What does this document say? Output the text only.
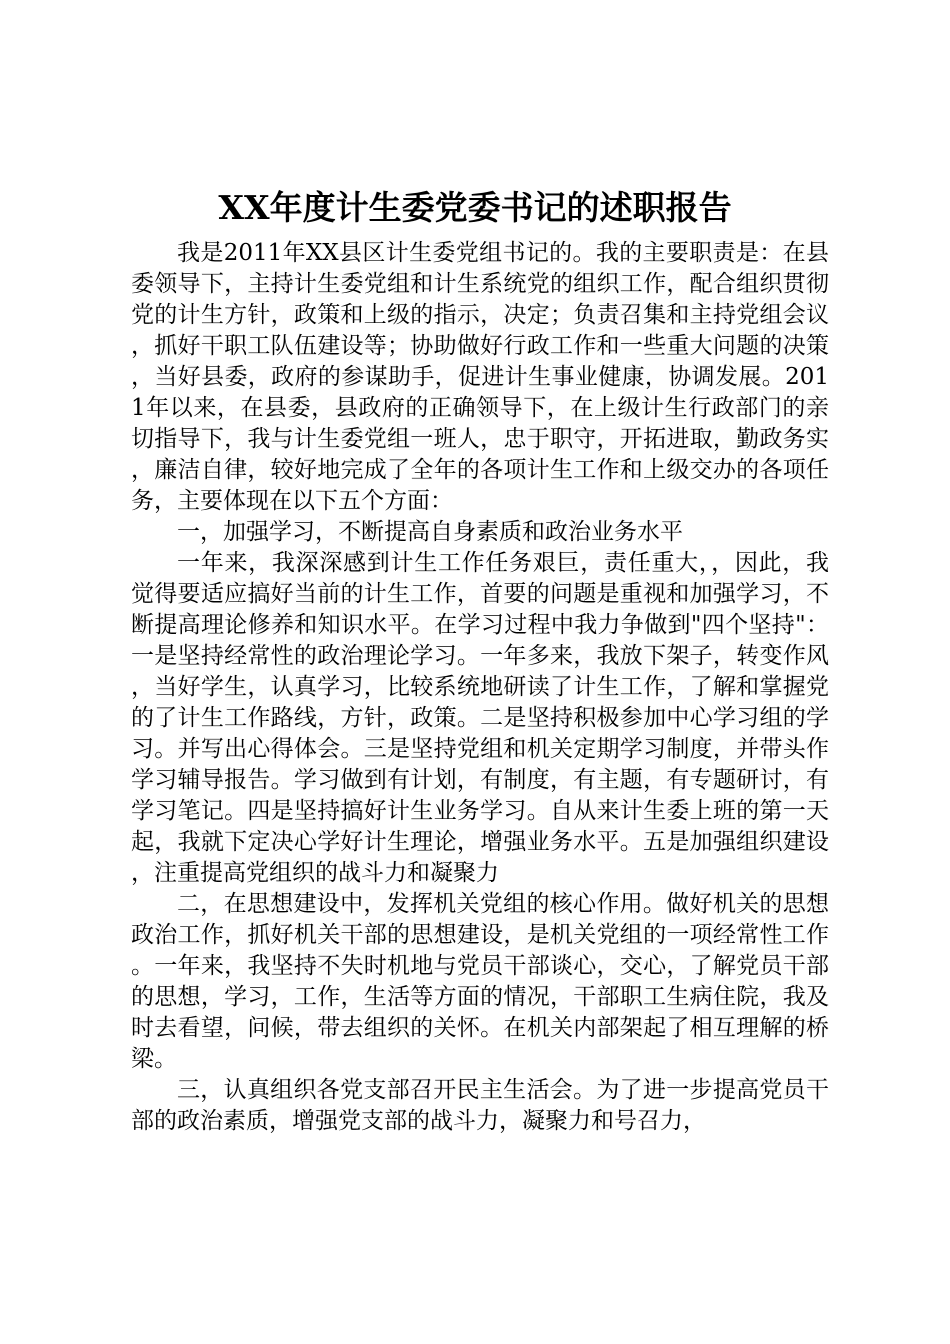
XX年度计生委党委书记的述职报告

我是2011年XX县区计生委党组书记的。我的主要职责是：在县委领导下，主持计生委党组和计生系统党的组织工作，配合组织贯彻党的计生方针，政策和上级的指示，决定；负责召集和主持党组会议，抓好干职工队伍建设等；协助做好行政工作和一些重大问题的决策，当好县委，政府的参谋助手，促进计生事业健康，协调发展。2011年以来，在县委，县政府的正确领导下，在上级计生行政部门的亲切指导下，我与计生委党组一班人，忠于职守，开拓进取，勤政务实，廉洁自律，较好地完成了全年的各项计生工作和上级交办的各项任务，主要体现在以下五个方面：

一，加强学习，不断提高自身素质和政治业务水平

一年来，我深深感到计生工作任务艰巨，责任重大，，因此，我觉得要适应搞好当前的计生工作，首要的问题是重视和加强学习，不断提高理论修养和知识水平。在学习过程中我力争做到"四个坚持"：一是坚持经常性的政治理论学习。一年多来，我放下架子，转变作风，当好学生，认真学习，比较系统地研读了计生工作，了解和掌握党的了计生工作路线，方针，政策。二是坚持积极参加中心学习组的学习。并写出心得体会。三是坚持党组和机关定期学习制度，并带头作学习辅导报告。学习做到有计划，有制度，有主题，有专题研讨，有学习笔记。四是坚持搞好计生业务学习。自从来计生委上班的第一天起，我就下定决心学好计生理论，增强业务水平。五是加强组织建设，注重提高党组织的战斗力和凝聚力

二，在思想建设中，发挥机关党组的核心作用。做好机关的思想政治工作，抓好机关干部的思想建设，是机关党组的一项经常性工作。一年来，我坚持不失时机地与党员干部谈心，交心，了解党员干部的思想，学习，工作，生活等方面的情况，干部职工生病住院，我及时去看望，问候，带去组织的关怀。在机关内部架起了相互理解的桥梁。

三，认真组织各党支部召开民主生活会。为了进一步提高党员干部的政治素质，增强党支部的战斗力，凝聚力和号召力，
